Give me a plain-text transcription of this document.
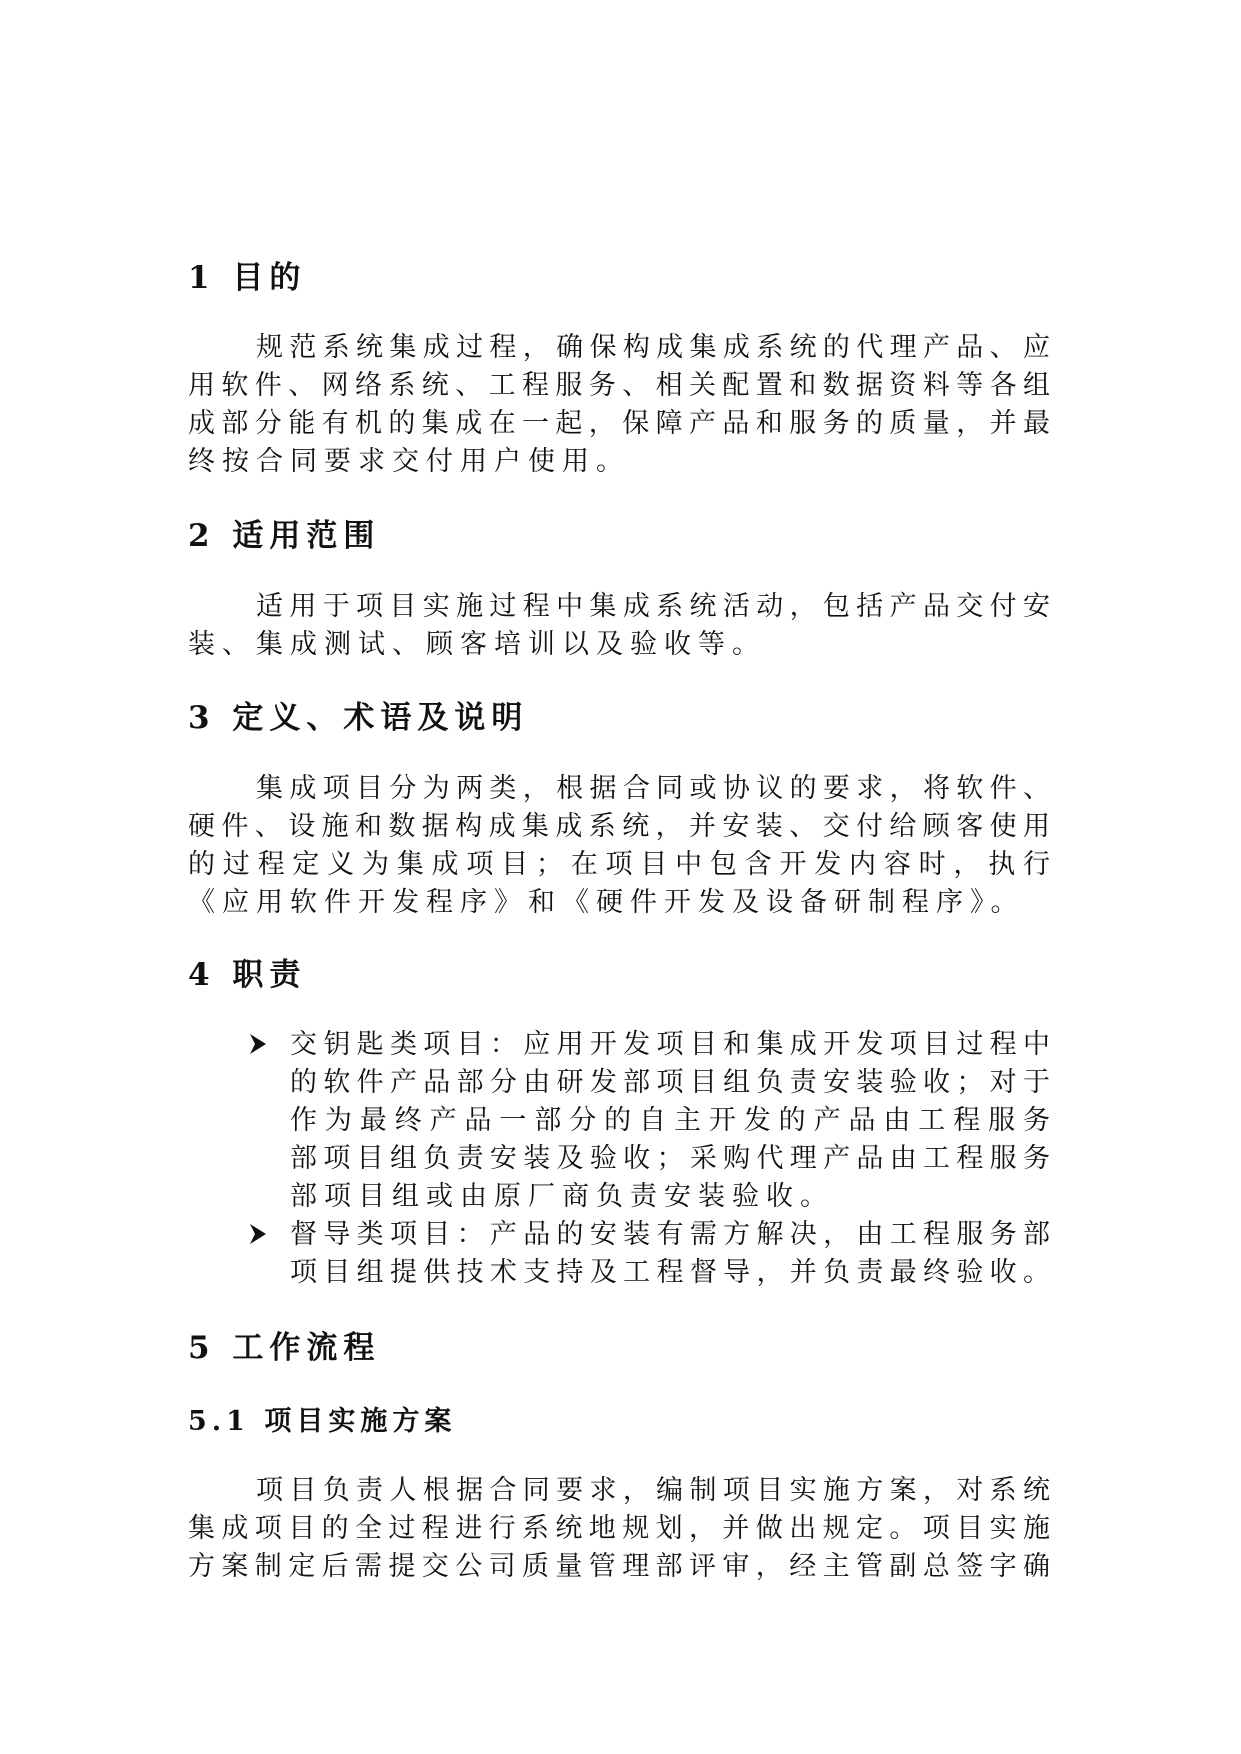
1 目的
规范系统集成过程，确保构成集成系统的代理产品、应
用软件、网络系统、工程服务、相关配置和数据资料等各组
成部分能有机的集成在一起，保障产品和服务的质量，并最
终按合同要求交付用户使用。
2 适用范围
适用于项目实施过程中集成系统活动，包括产品交付安
装、集成测试、顾客培训以及验收等。
3 定义、术语及说明
集成项目分为两类，根据合同或协议的要求，将软件、
硬件、设施和数据构成集成系统，并安装、交付给顾客使用
的过程定义为集成项目；在项目中包含开发内容时，执行
《应用软件开发程序》和《硬件开发及设备研制程序》。
4 职责
交钥匙类项目：应用开发项目和集成开发项目过程中
的软件产品部分由研发部项目组负责安装验收；对于
作为最终产品一部分的自主开发的产品由工程服务
部项目组负责安装及验收；采购代理产品由工程服务
部项目组或由原厂商负责安装验收。
督导类项目：产品的安装有需方解决，由工程服务部
项目组提供技术支持及工程督导，并负责最终验收。
5 工作流程
5.1 项目实施方案
项目负责人根据合同要求，编制项目实施方案，对系统
集成项目的全过程进行系统地规划，并做出规定。项目实施
方案制定后需提交公司质量管理部评审，经主管副总签字确
